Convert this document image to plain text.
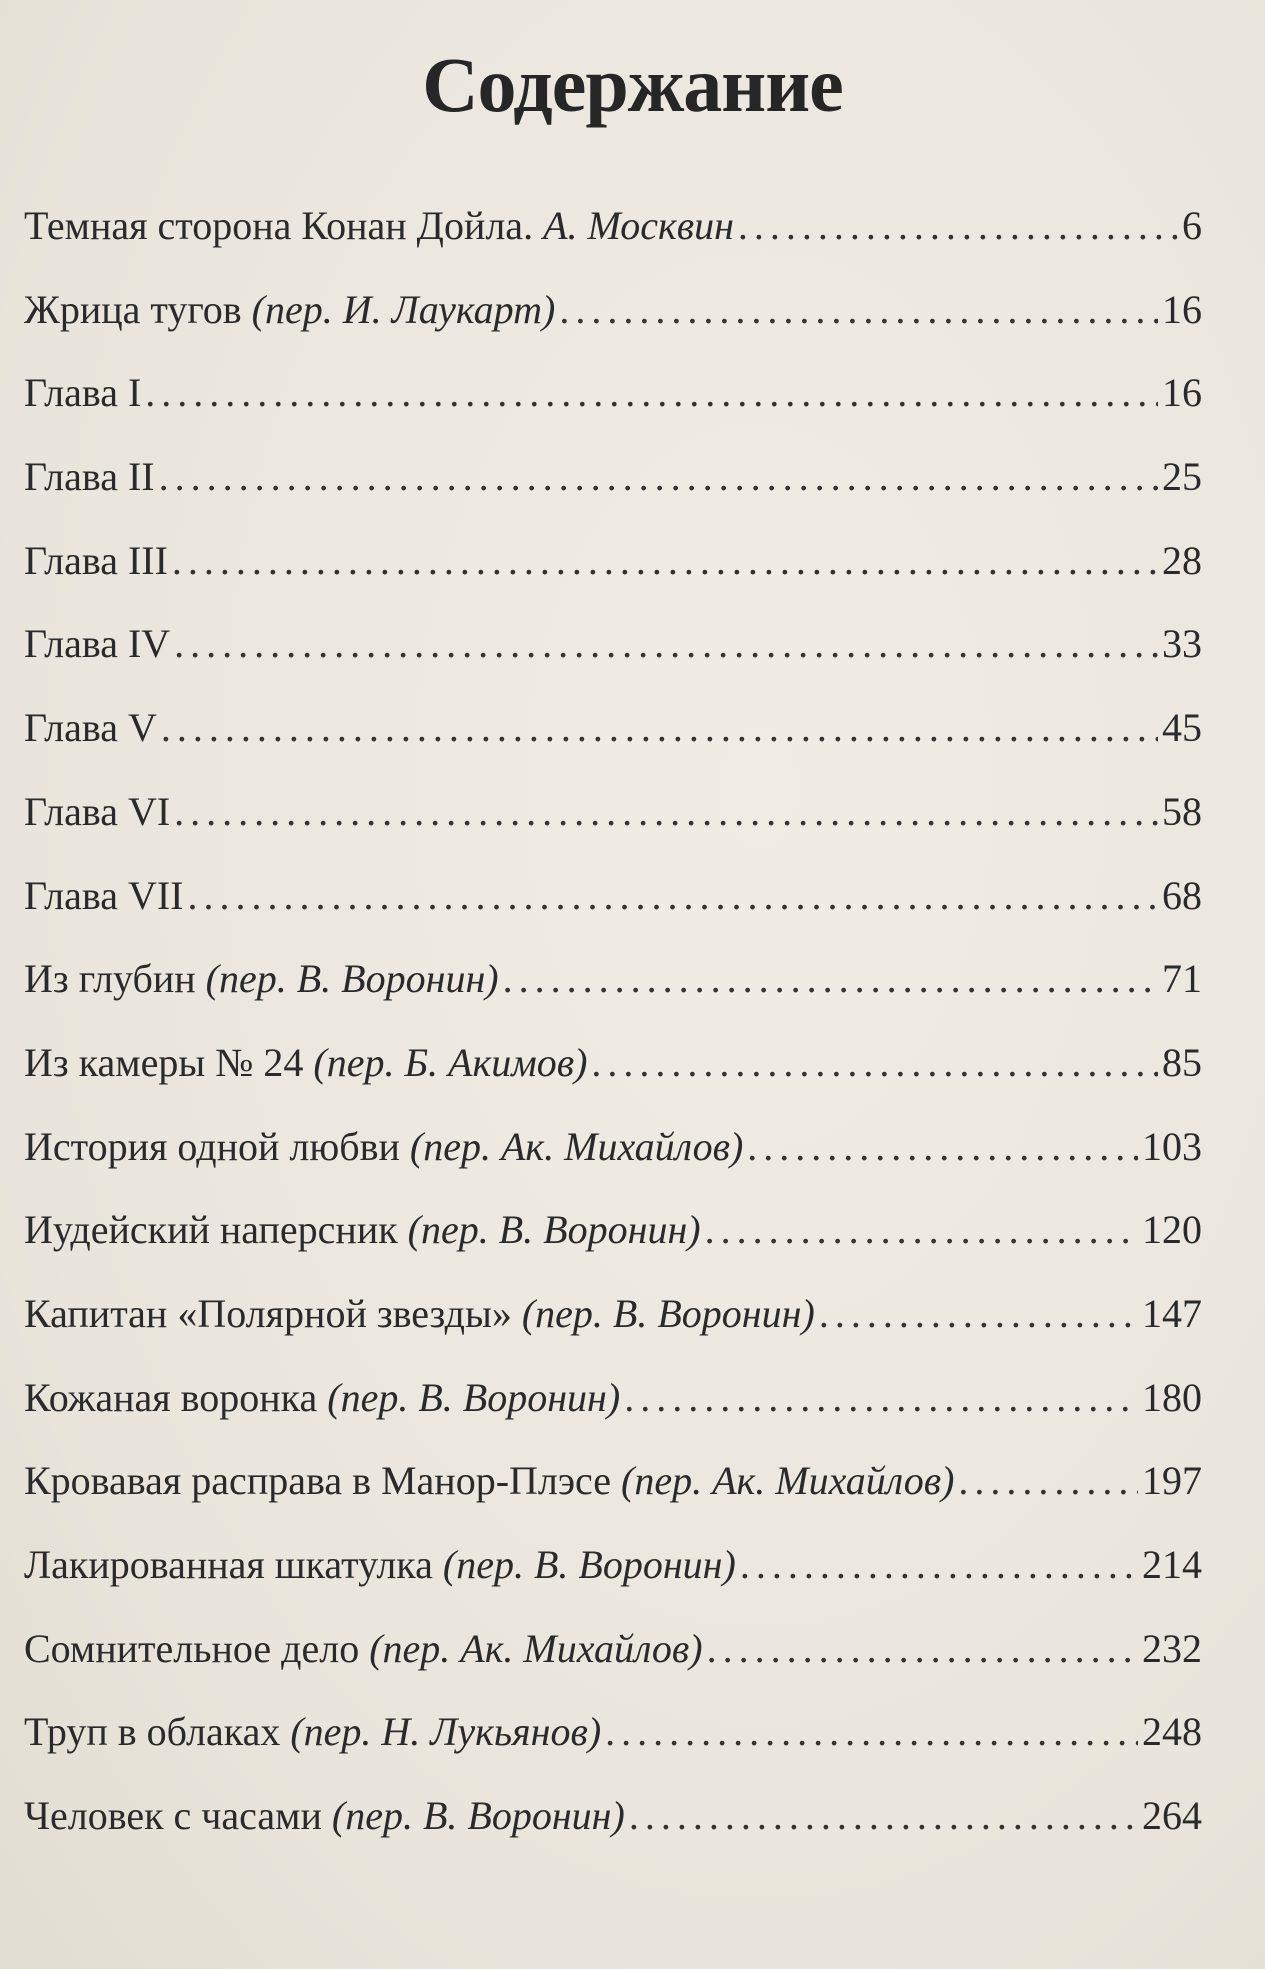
Содержание
Темная сторона Конан Дойла. А. Москвин . . .	6
Жрица тугов (пер. И. Лаукарт) . . .	16
Глава I . . .	16
Глава II . . .	25
Глава III . . .	28
Глава IV . . .	33
Глава V . . .	45
Глава VI . . .	58
Глава VII . . .	68
Из глубин (пер. В. Воронин) . . .	71
Из камеры № 24 (пер. Б. Акимов) . . .	85
История одной любви (пер. Ак. Михайлов) . . .	103
Иудейский наперсник (пер. В. Воронин) . . .	120
Капитан «Полярной звезды» (пер. В. Воронин) . . .	147
Кожаная воронка (пер. В. Воронин) . . .	180
Кровавая расправа в Манор-Плэсе (пер. Ак. Михайлов) . . .	197
Лакированная шкатулка (пер. В. Воронин) . . .	214
Сомнительное дело (пер. Ак. Михайлов) . . .	232
Труп в облаках (пер. Н. Лукьянов) . . .	248
Человек с часами (пер. В. Воронин) . . .	264
